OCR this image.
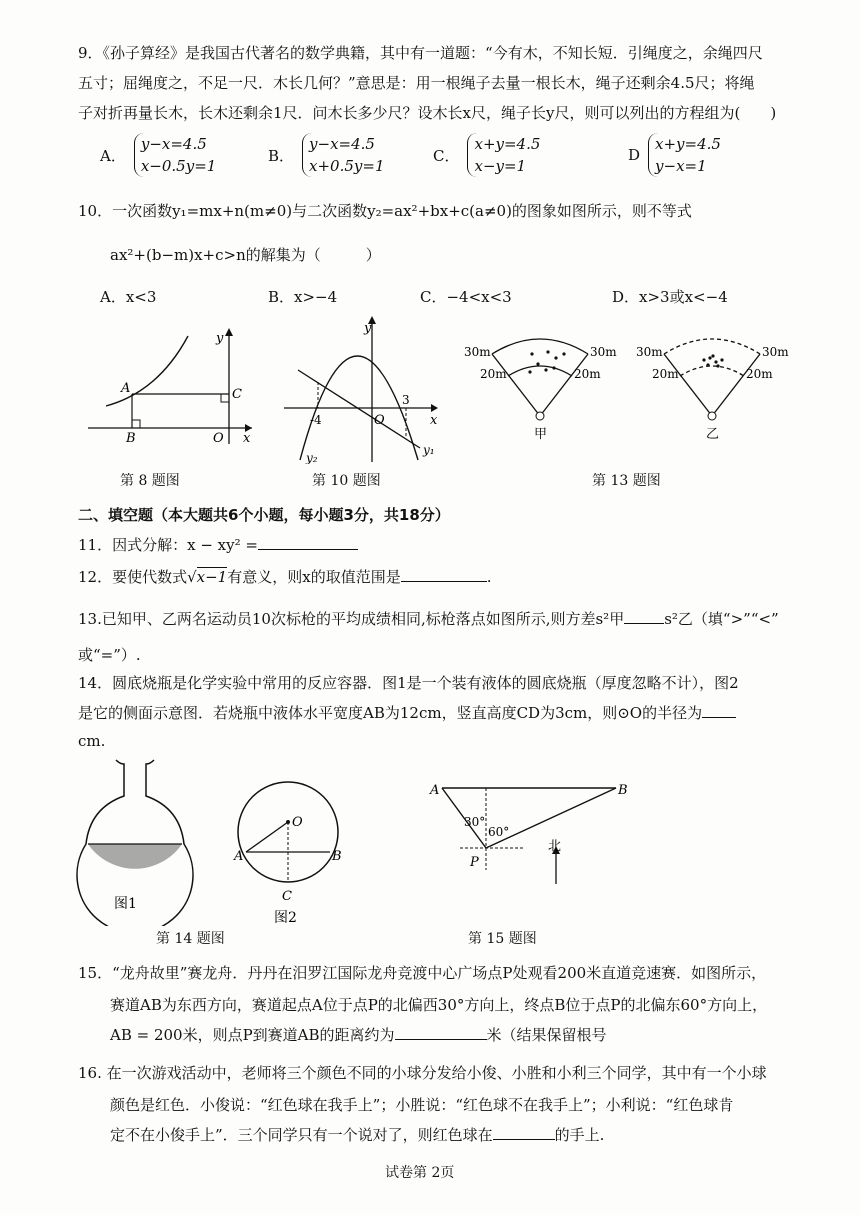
9．《孙子算经》是我国古代著名的数学典籍，其中有一道题：“今有木，不知长短．引绳度之，余绳四尺
五寸；屈绳度之，不足一尺．木长几何？”意思是：用一根绳子去量一根长木，绳子还剩余4.5尺；将绳
子对折再量长木，长木还剩余1尺．问木长多少尺？设木长x尺，绳子长y尺，则可以列出的方程组为(　　)
A．y−x=4.5
x−0.5y=1
B．y−x=4.5
x+0.5y=1
C．x+y=4.5
x−y=1
Dx+y=4.5
y−x=1
10．一次函数y₁=mx+n(m≠0)与二次函数y₂=ax²+bx+c(a≠0)的图象如图所示，则不等式
ax²+(b−m)x+c>n的解集为（　　　）
A．x<3	B．x>−4	C．−4<x<3	D．x>3或x<−4
y
x
A
B
C
O
第 8 题图
y
x
-4	O
3
y₁
y₂
第 10 题图
30m	30m
20m	20m
甲
30m	30m
20m	20m
乙
第 13 题图
二、填空题（本大题共6个小题，每小题3分，共18分）
11．因式分解：x − xy² =
12．要使代数式√x−1有意义，则x的取值范围是	.
13.已知甲、乙两名运动员10次标枪的平均成绩相同,标枪落点如图所示,则方差s²甲	s²乙（填“>”“<”
或“=”）.
14．圆底烧瓶是化学实验中常用的反应容器．图1是一个装有液体的圆底烧瓶（厚度忽略不计），图2
是它的侧面示意图．若烧瓶中液体水平宽度AB为12cm，竖直高度CD为3cm，则⊙O的半径为
cm.
图1
O
A	B
C
图2
第 14 题图
A	B
P
30°
60°
北
第 15 题图
15．“龙舟故里”赛龙舟．丹丹在汨罗江国际龙舟竞渡中心广场点P处观看200米直道竞速赛．如图所示，
赛道AB为东西方向，赛道起点A位于点P的北偏西30°方向上，终点B位于点P的北偏东60°方向上，
AB = 200米，则点P到赛道AB的距离约为	米（结果保留根号
16. 在一次游戏活动中，老师将三个颜色不同的小球分发给小俊、小胜和小利三个同学，其中有一个小球
颜色是红色．小俊说：“红色球在我手上”；小胜说：“红色球不在我手上”；小利说：“红色球肯
定不在小俊手上”．三个同学只有一个说对了，则红色球在	的手上.
试卷第 2页
